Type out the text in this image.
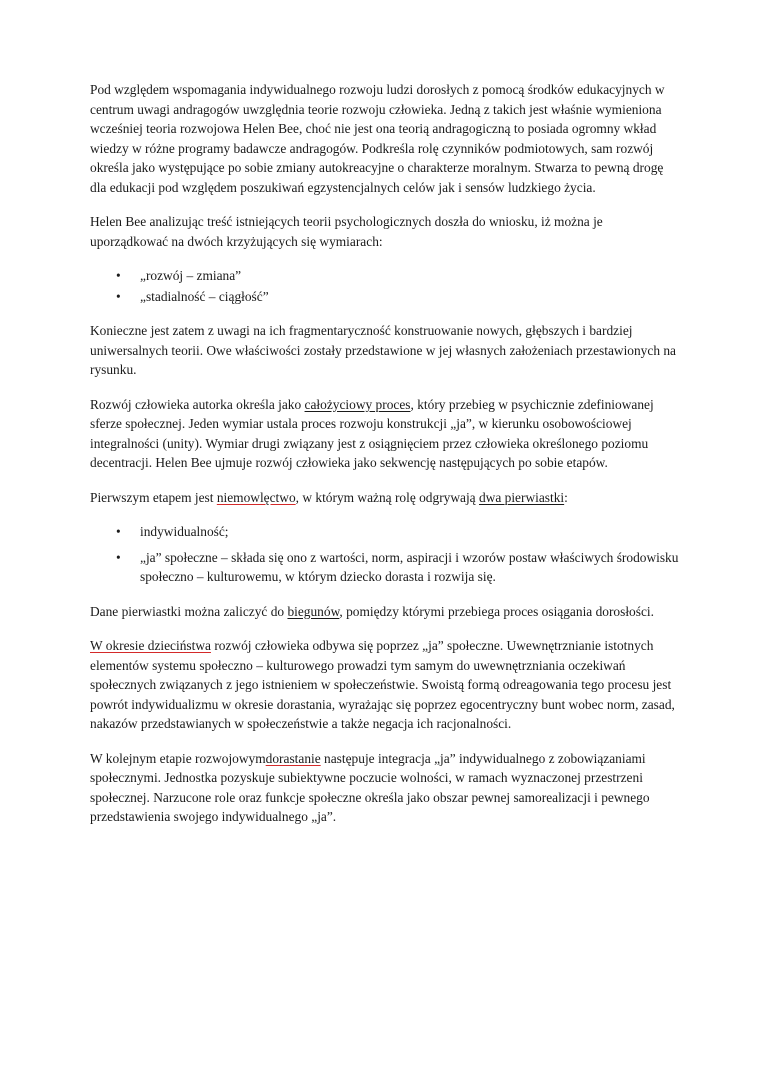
Pod względem wspomagania indywidualnego rozwoju ludzi dorosłych z pomocą środków edukacyjnych w centrum uwagi andragogów uwzględnia teorie rozwoju człowieka. Jedną z takich jest właśnie wymieniona wcześniej teoria rozwojowa Helen Bee, choć nie jest ona teorią andragogiczną to posiada ogromny wkład wiedzy w różne programy badawcze andragogów. Podkreśla rolę czynników podmiotowych, sam rozwój określa jako występujące po sobie zmiany autokreacyjne o charakterze moralnym. Stwarza to pewną drogę dla edukacji pod względem poszukiwań egzystencjalnych celów jak i sensów ludzkiego życia.

Helen Bee analizując treść istniejących teorii psychologicznych doszła do wniosku, iż można je uporządkować na dwóch krzyżujących się wymiarach:

• „rozwój – zmiana”
• „stadialność – ciągłość”

Konieczne jest zatem z uwagi na ich fragmentaryczność konstruowanie nowych, głębszych i bardziej uniwersalnych teorii. Owe właściwości zostały przedstawione w jej własnych założeniach przestawionych na rysunku.

Rozwój człowieka autorka określa jako całożyciowy proces, który przebieg w psychicznie zdefiniowanej sferze społecznej. Jeden wymiar ustala proces rozwoju konstrukcji „ja”, w kierunku osobowościowej integralności (unity). Wymiar drugi związany jest z osiągnięciem przez człowieka określonego poziomu decentracji. Helen Bee ujmuje rozwój człowieka jako sekwencję następujących po sobie etapów.

Pierwszym etapem jest niemowlęctwo, w którym ważną rolę odgrywają dwa pierwiastki:

• indywidualność;
• „ja” społeczne – składa się ono z wartości, norm, aspiracji i wzorów postaw właściwych środowisku społeczno – kulturowemu, w którym dziecko dorasta i rozwija się.

Dane pierwiastki można zaliczyć do biegunów, pomiędzy którymi przebiega proces osiągania dorosłości.

W okresie dzieciństwa rozwój człowieka odbywa się poprzez „ja” społeczne. Uwewnętrznianie istotnych elementów systemu społeczno – kulturowego prowadzi tym samym do uwewnętrzniania oczekiwań społecznych związanych z jego istnieniem w społeczeństwie. Swoistą formą odreagowania tego procesu jest powrót indywidualizmu w okresie dorastania, wyrażając się poprzez egocentryczny bunt wobec norm, zasad, nakazów przedstawianych w społeczeństwie a także negacja ich racjonalności.

W kolejnym etapie rozwojowymdorastanie następuje integracja „ja” indywidualnego z zobowiązaniami społecznymi. Jednostka pozyskuje subiektywne poczucie wolności, w ramach wyznaczonej przestrzeni społecznej. Narzucone role oraz funkcje społeczne określa jako obszar pewnej samorealizacji i pewnego przedstawienia swojego indywidualnego „ja”.
